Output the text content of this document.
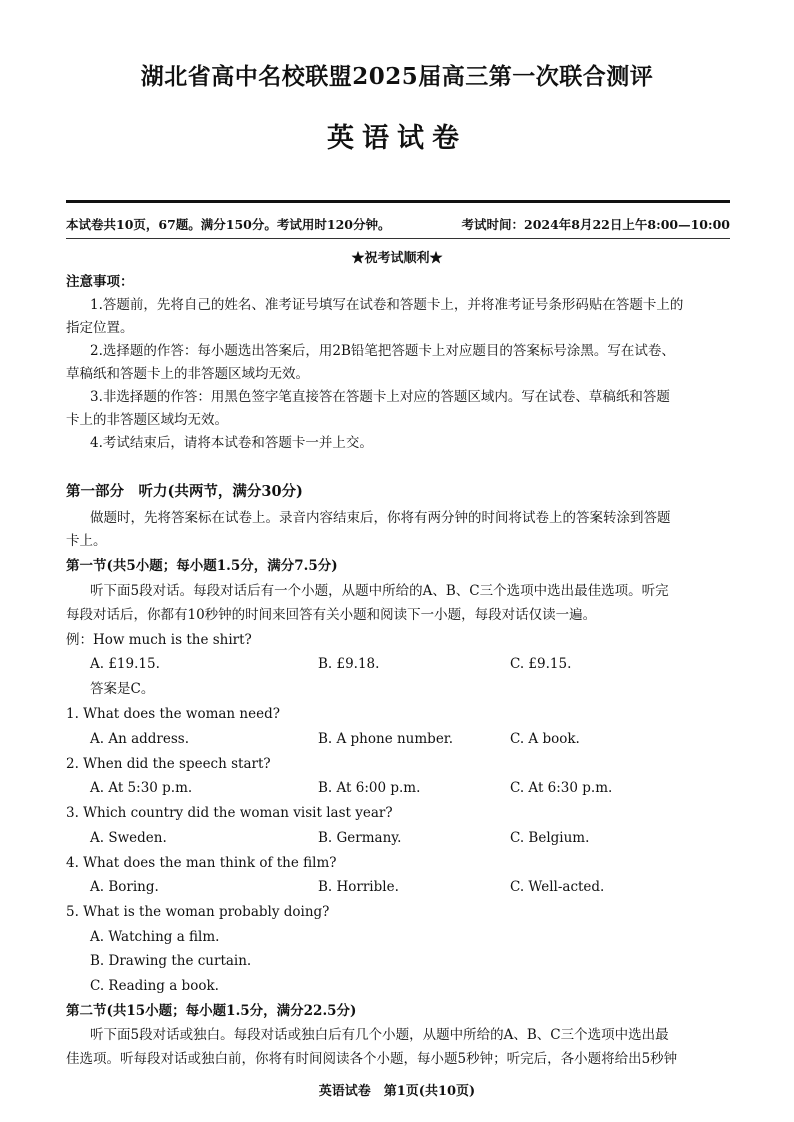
湖北省高中名校联盟2025届高三第一次联合测评
英语试卷
本试卷共10页，67题。满分150分。考试用时120分钟。	考试时间：2024年8月22日上午8:00—10:00
★祝考试顺利★
注意事项：
1.答题前，先将自己的姓名、准考证号填写在试卷和答题卡上，并将准考证号条形码贴在答题卡上的
指定位置。
2.选择题的作答：每小题选出答案后，用2B铅笔把答题卡上对应题目的答案标号涂黑。写在试卷、
草稿纸和答题卡上的非答题区域均无效。
3.非选择题的作答：用黑色签字笔直接答在答题卡上对应的答题区域内。写在试卷、草稿纸和答题
卡上的非答题区域均无效。
4.考试结束后，请将本试卷和答题卡一并上交。
第一部分　听力(共两节，满分30分)
做题时，先将答案标在试卷上。录音内容结束后，你将有两分钟的时间将试卷上的答案转涂到答题
卡上。
第一节(共5小题；每小题1.5分，满分7.5分)
听下面5段对话。每段对话后有一个小题，从题中所给的A、B、C三个选项中选出最佳选项。听完
每段对话后，你都有10秒钟的时间来回答有关小题和阅读下一小题，每段对话仅读一遍。
例：How much is the shirt?
A. £19.15.	B. £9.18.	C. £9.15.
答案是C。
1. What does the woman need?
A. An address.	B. A phone number.	C. A book.
2. When did the speech start?
A. At 5:30 p.m.	B. At 6:00 p.m.	C. At 6:30 p.m.
3. Which country did the woman visit last year?
A. Sweden.	B. Germany.	C. Belgium.
4. What does the man think of the film?
A. Boring.	B. Horrible.	C. Well-acted.
5. What is the woman probably doing?
A. Watching a film.
B. Drawing the curtain.
C. Reading a book.
第二节(共15小题；每小题1.5分，满分22.5分)
听下面5段对话或独白。每段对话或独白后有几个小题，从题中所给的A、B、C三个选项中选出最
佳选项。听每段对话或独白前，你将有时间阅读各个小题，每小题5秒钟；听完后，各小题将给出5秒钟
英语试卷　第1页(共10页)
